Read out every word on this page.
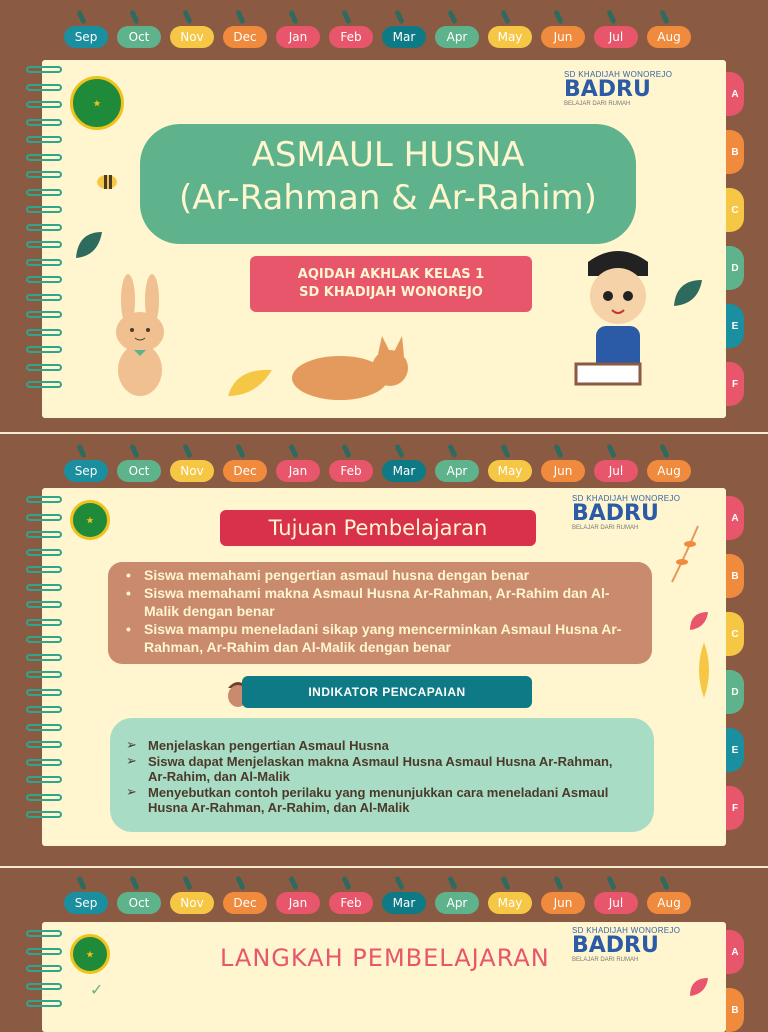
Sep	Oct	Nov	Dec	Jan	Feb	Mar	Apr	May	Jun	Jul	Aug
A
B
C
D
E
F
★
SD KHADIJAH WONOREJO
BADRU
BELAJAR DARI RUMAH
ASMAUL HUSNA
(Ar-Rahman & Ar-Rahim)
AQIDAH AKHLAK KELAS 1
SD KHADIJAH WONOREJO
Sep	Oct	Nov	Dec	Jan	Feb	Mar	Apr	May	Jun	Jul	Aug
A
B
C
D
E
F
★
SD KHADIJAH WONOREJO
BADRU
BELAJAR DARI RUMAH
Tujuan Pembelajaran
• Siswa memahami pengertian asmaul husna dengan benar
• Siswa memahami makna Asmaul Husna Ar-Rahman, Ar-Rahim dan Al-Malik dengan benar
• Siswa mampu meneladani sikap yang mencerminkan Asmaul Husna Ar-Rahman, Ar-Rahim dan Al-Malik dengan benar
INDIKATOR PENCAPAIAN
➢ Menjelaskan pengertian Asmaul Husna
➢ Siswa dapat Menjelaskan makna Asmaul Husna Asmaul Husna Ar-Rahman, Ar-Rahim, dan Al-Malik
➢ Menyebutkan contoh perilaku yang menunjukkan cara meneladani Asmaul Husna Ar-Rahman, Ar-Rahim, dan Al-Malik
Sep	Oct	Nov	Dec	Jan	Feb	Mar	Apr	May	Jun	Jul	Aug
A
B
★
SD KHADIJAH WONOREJO
BADRU
BELAJAR DARI RUMAH
LANGKAH PEMBELAJARAN
✓
